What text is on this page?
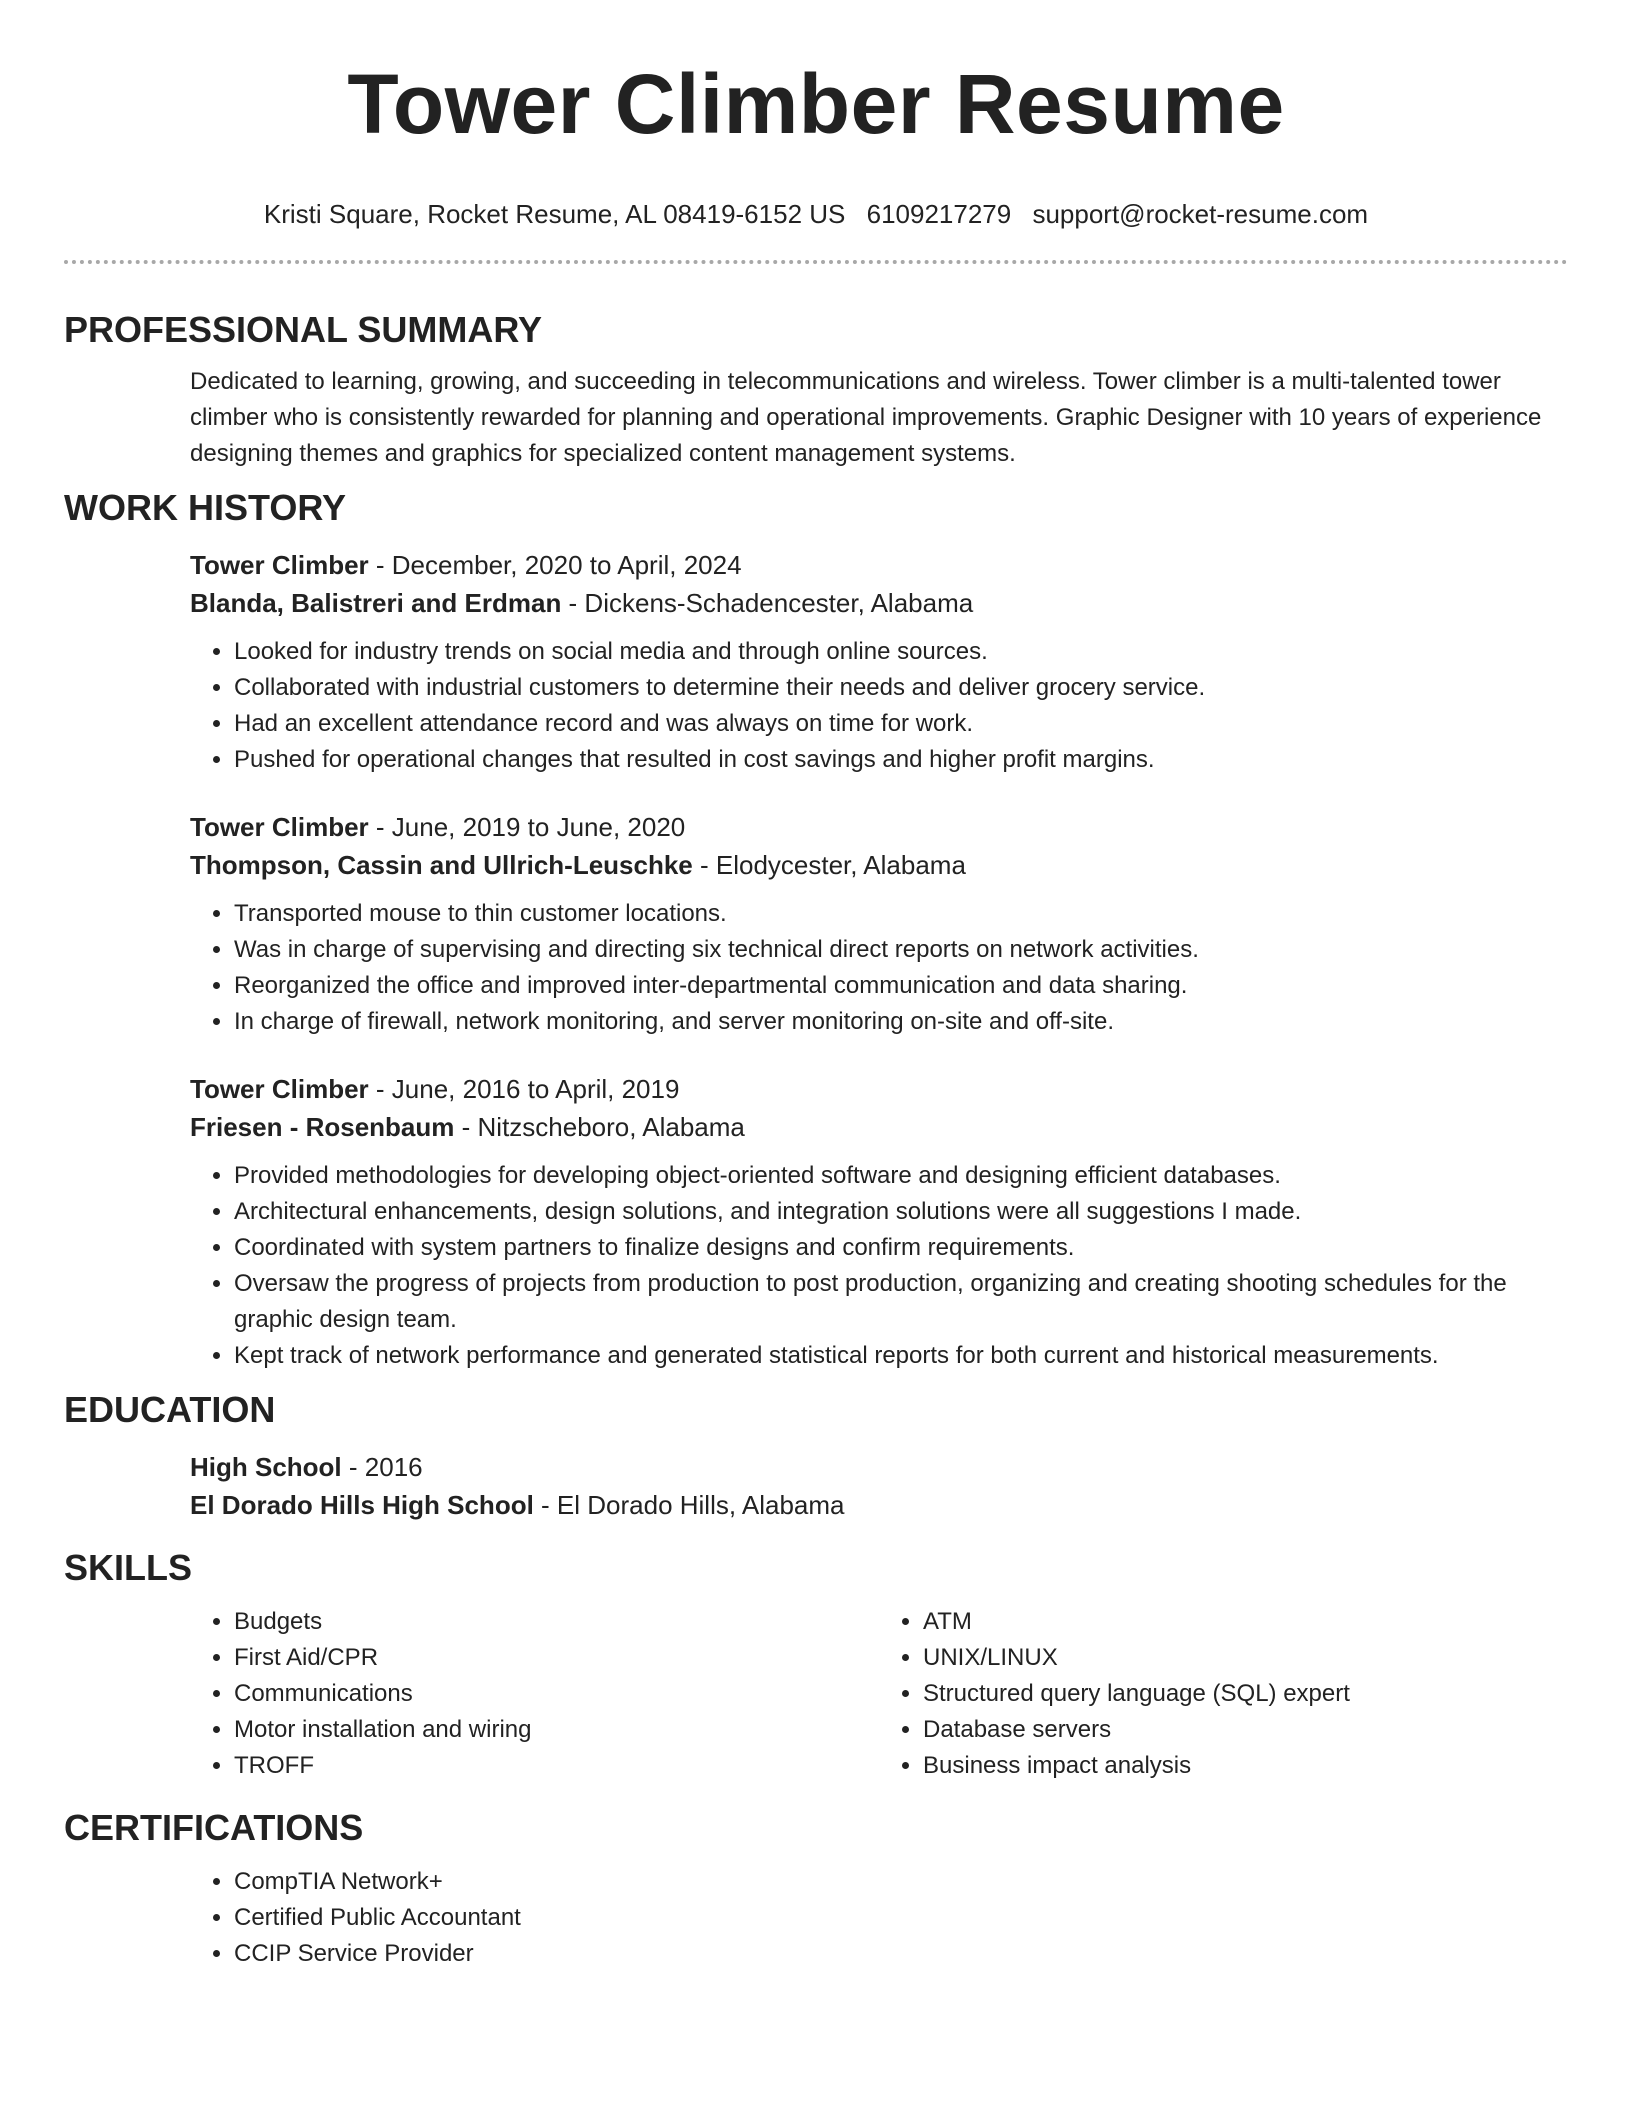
Tower Climber Resume
Kristi Square, Rocket Resume, AL 08419-6152 US 6109217279 support@rocket-resume.com
PROFESSIONAL SUMMARY

Dedicated to learning, growing, and succeeding in telecommunications and wireless. Tower climber is a multi-talented tower climber who is consistently rewarded for planning and operational improvements. Graphic Designer with 10 years of experience designing themes and graphics for specialized content management systems.

WORK HISTORY
Tower Climber - December, 2020 to April, 2024
Blanda, Balistreri and Erdman - Dickens-Schadencester, Alabama
• Looked for industry trends on social media and through online sources.
• Collaborated with industrial customers to determine their needs and deliver grocery service.
• Had an excellent attendance record and was always on time for work.
• Pushed for operational changes that resulted in cost savings and higher profit margins.
Tower Climber - June, 2019 to June, 2020
Thompson, Cassin and Ullrich-Leuschke - Elodycester, Alabama
• Transported mouse to thin customer locations.
• Was in charge of supervising and directing six technical direct reports on network activities.
• Reorganized the office and improved inter-departmental communication and data sharing.
• In charge of firewall, network monitoring, and server monitoring on-site and off-site.
Tower Climber - June, 2016 to April, 2019
Friesen - Rosenbaum - Nitzscheboro, Alabama
• Provided methodologies for developing object-oriented software and designing efficient databases.
• Architectural enhancements, design solutions, and integration solutions were all suggestions I made.
• Coordinated with system partners to finalize designs and confirm requirements.
• Oversaw the progress of projects from production to post production, organizing and creating shooting schedules for the graphic design team.
• Kept track of network performance and generated statistical reports for both current and historical measurements.
EDUCATION
High School - 2016
El Dorado Hills High School - El Dorado Hills, Alabama
SKILLS
• Budgets
• First Aid/CPR
• Communications
• Motor installation and wiring
• TROFF
• ATM
• UNIX/LINUX
• Structured query language (SQL) expert
• Database servers
• Business impact analysis
CERTIFICATIONS
• CompTIA Network+
• Certified Public Accountant
• CCIP Service Provider
